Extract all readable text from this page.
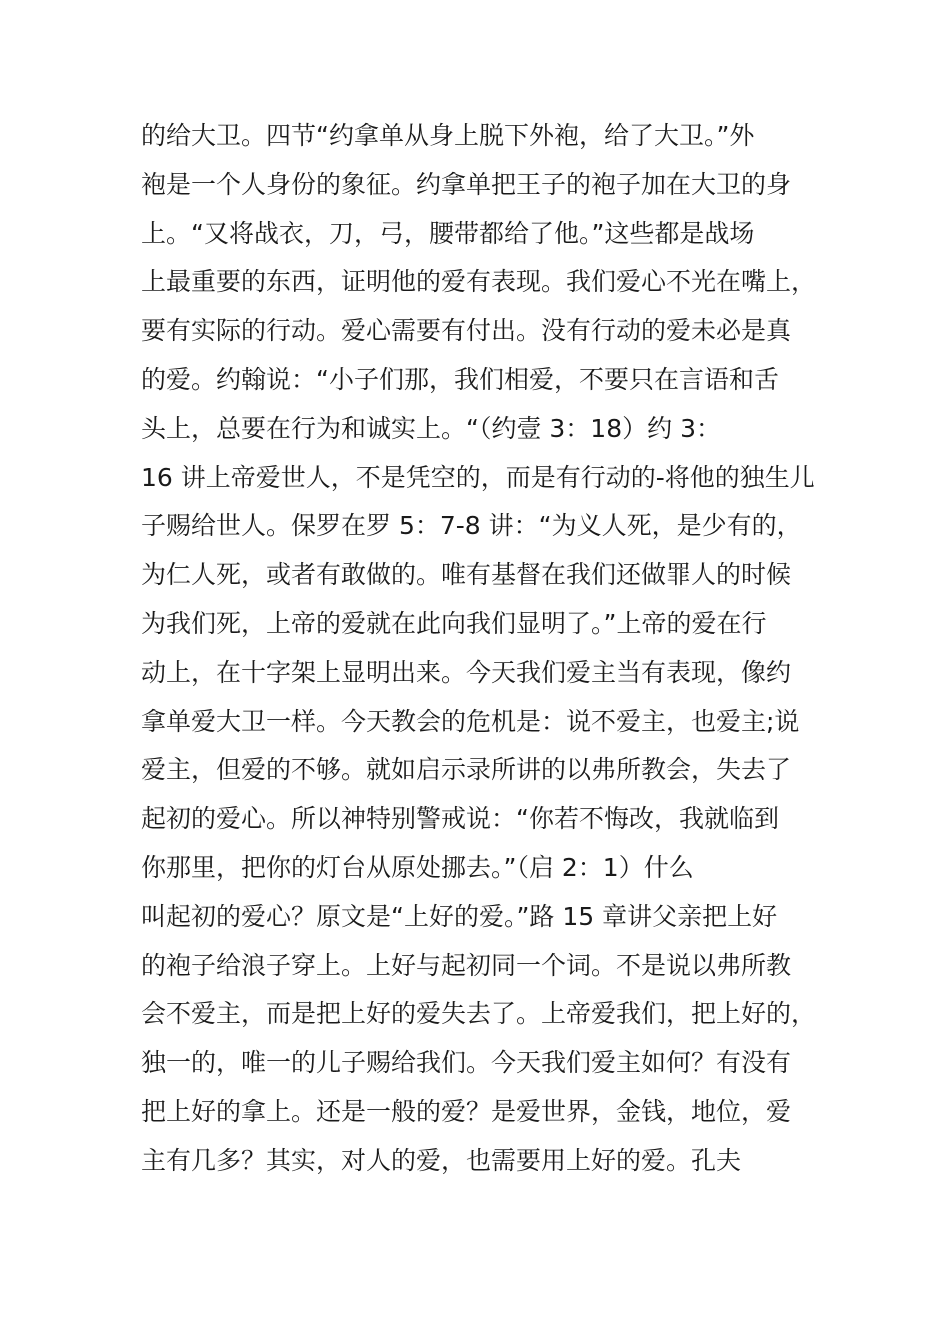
的给大卫。四节“约拿单从身上脱下外袍，给了大卫。”外
袍是一个人身份的象征。约拿单把王子的袍子加在大卫的身
上。“又将战衣，刀，弓，腰带都给了他。”这些都是战场
上最重要的东西，证明他的爱有表现。我们爱心不光在嘴上，
要有实际的行动。爱心需要有付出。没有行动的爱未必是真
的爱。约翰说：“小子们那，我们相爱，不要只在言语和舌
头上，总要在行为和诚实上。“（约壹 3：18）约 3：
16 讲上帝爱世人，不是凭空的，而是有行动的-将他的独生儿
子赐给世人。保罗在罗 5：7-8 讲：“为义人死，是少有的，
为仁人死，或者有敢做的。唯有基督在我们还做罪人的时候
为我们死，上帝的爱就在此向我们显明了。”上帝的爱在行
动上，在十字架上显明出来。今天我们爱主当有表现，像约
拿单爱大卫一样。今天教会的危机是：说不爱主，也爱主;说
爱主，但爱的不够。就如启示录所讲的以弗所教会，失去了
起初的爱心。所以神特别警戒说：“你若不悔改，我就临到
你那里，把你的灯台从原处挪去。”（启 2：1）什么
叫起初的爱心？原文是“上好的爱。”路 15 章讲父亲把上好
的袍子给浪子穿上。上好与起初同一个词。不是说以弗所教
会不爱主，而是把上好的爱失去了。上帝爱我们，把上好的，
独一的，唯一的儿子赐给我们。今天我们爱主如何？有没有
把上好的拿上。还是一般的爱？是爱世界，金钱，地位，爱
主有几多？其实，对人的爱，也需要用上好的爱。孔夫
